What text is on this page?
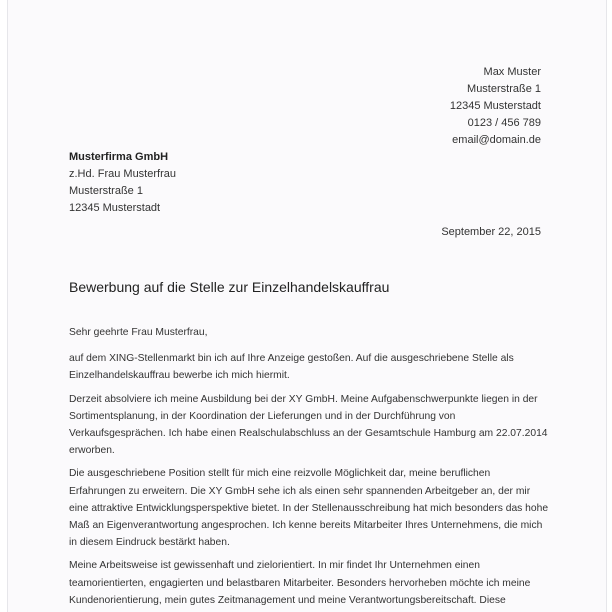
Max Muster
Musterstraße 1
12345 Musterstadt
0123 / 456 789
email@domain.de
Musterfirma GmbH
z.Hd. Frau Musterfrau
Musterstraße 1
12345 Musterstadt
September 22, 2015
Bewerbung auf die Stelle zur Einzelhandelskauffrau

Sehr geehrte Frau Musterfrau,

auf dem XING-Stellenmarkt bin ich auf Ihre Anzeige gestoßen. Auf die ausgeschriebene Stelle als Einzelhandelskauffrau bewerbe ich mich hiermit.

Derzeit absolviere ich meine Ausbildung bei der XY GmbH. Meine Aufgabenschwerpunkte liegen in der Sortimentsplanung, in der Koordination der Lieferungen und in der Durchführung von Verkaufsgesprächen. Ich habe einen Realschulabschluss an der Gesamtschule Hamburg am 22.07.2014 erworben.

Die ausgeschriebene Position stellt für mich eine reizvolle Möglichkeit dar, meine beruflichen Erfahrungen zu erweitern. Die XY GmbH sehe ich als einen sehr spannenden Arbeitgeber an, der mir eine attraktive Entwicklungsperspektive bietet. In der Stellenausschreibung hat mich besonders das hohe Maß an Eigenverantwortung angesprochen. Ich kenne bereits Mitarbeiter Ihres Unternehmens, die mich in diesem Eindruck bestärkt haben.

Meine Arbeitsweise ist gewissenhaft und zielorientiert. In mir findet Ihr Unternehmen einen teamorientierten, engagierten und belastbaren Mitarbeiter. Besonders hervorheben möchte ich meine Kundenorientierung, mein gutes Zeitmanagement und meine Verantwortungsbereitschaft. Diese
